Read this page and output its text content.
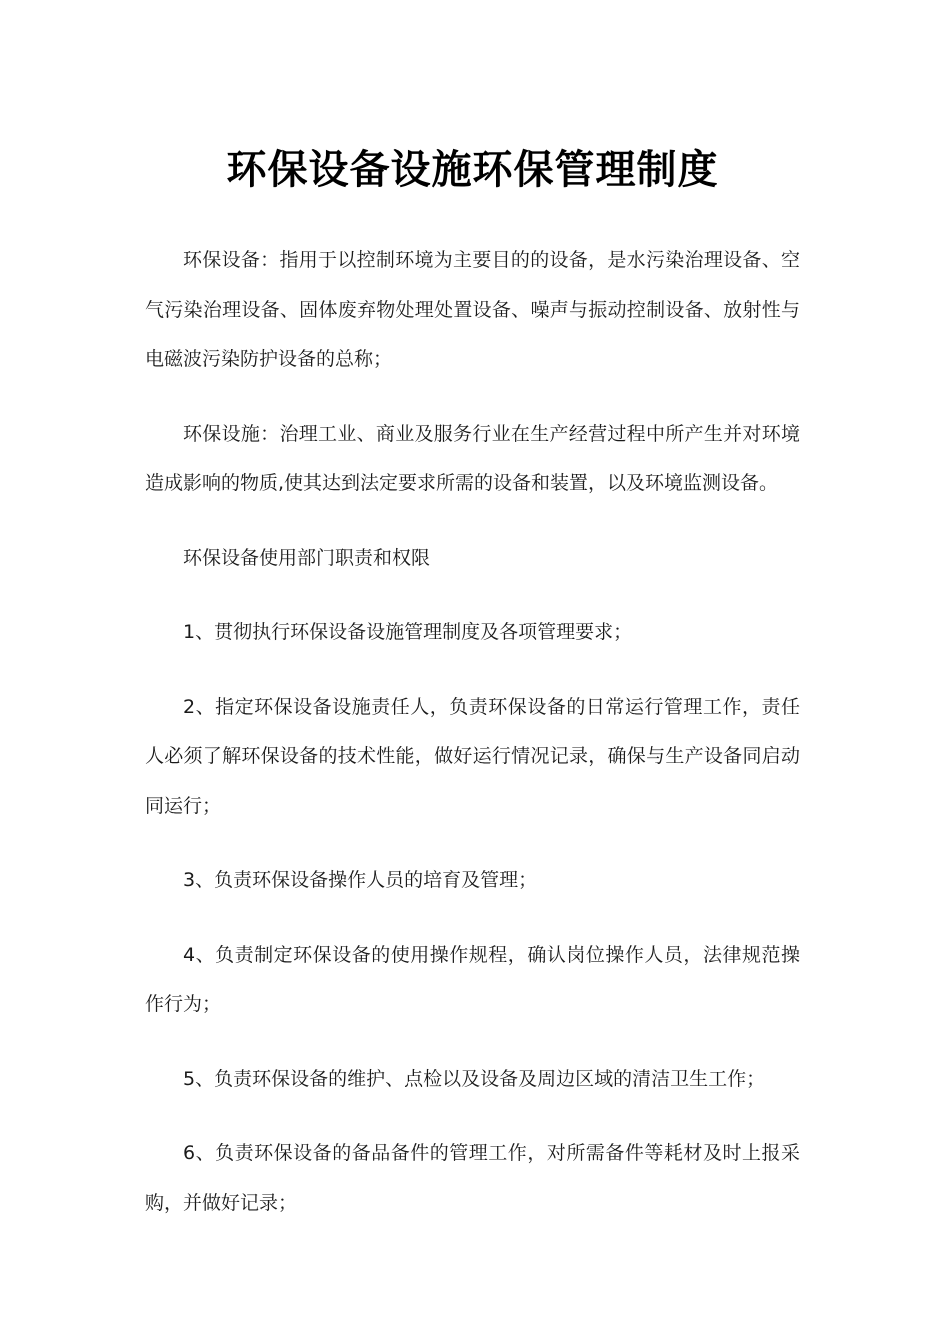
环保设备设施环保管理制度

环保设备：指用于以控制环境为主要目的的设备，是水污染治理设备、空气污染治理设备、固体废弃物处理处置设备、噪声与振动控制设备、放射性与电磁波污染防护设备的总称；

环保设施：治理工业、商业及服务行业在生产经营过程中所产生并对环境造成影响的物质,使其达到法定要求所需的设备和装置，以及环境监测设备。

环保设备使用部门职责和权限

1、贯彻执行环保设备设施管理制度及各项管理要求；

2、指定环保设备设施责任人，负责环保设备的日常运行管理工作，责任人必须了解环保设备的技术性能，做好运行情况记录，确保与生产设备同启动同运行；

3、负责环保设备操作人员的培育及管理；

4、负责制定环保设备的使用操作规程，确认岗位操作人员，法律规范操作行为；

5、负责环保设备的维护、点检以及设备及周边区域的清洁卫生工作；

6、负责环保设备的备品备件的管理工作，对所需备件等耗材及时上报采购，并做好记录；
